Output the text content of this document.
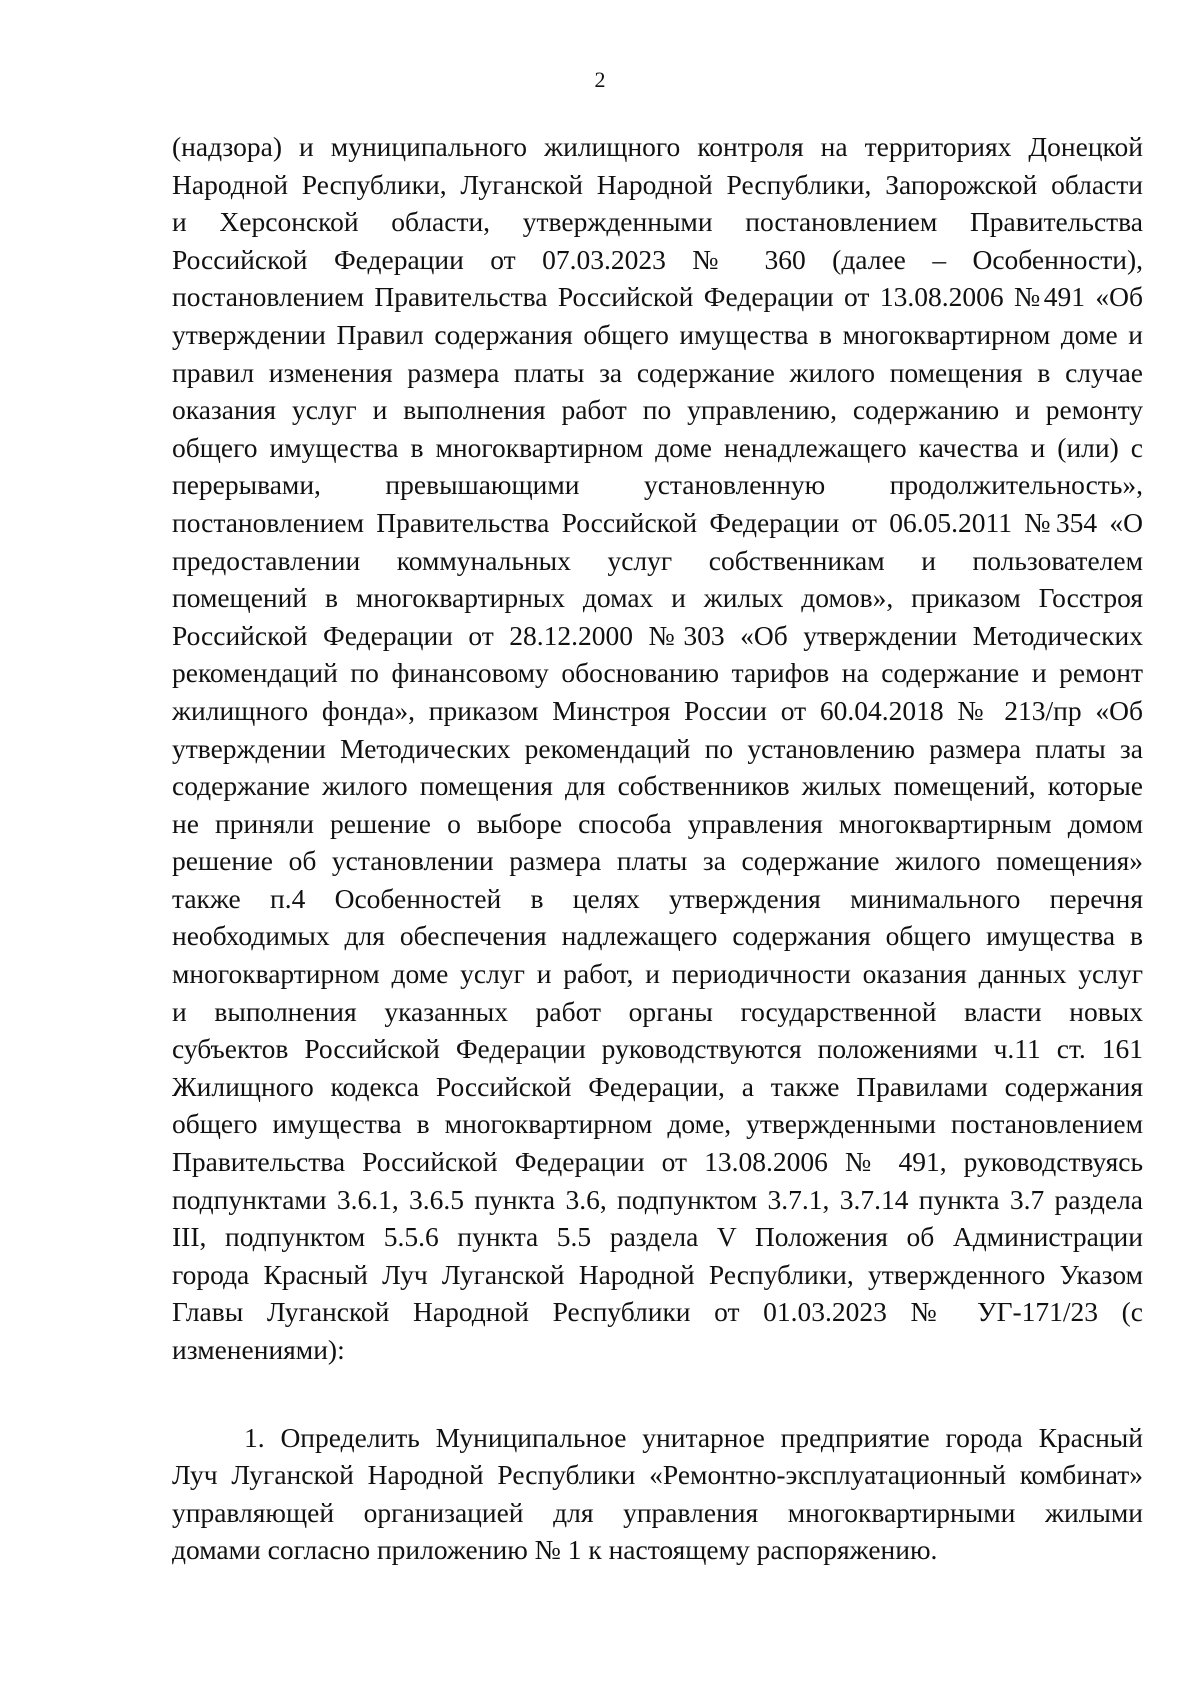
2
(надзора) и муниципального жилищного контроля на территориях Донецкой
Народной Республики, Луганской Народной Республики, Запорожской области
и Херсонской области, утвержденными постановлением Правительства
Российской Федерации от 07.03.2023 № 360 (далее – Особенности),
постановлением Правительства Российской Федерации от 13.08.2006 №491 «Об
утверждении Правил содержания общего имущества в многоквартирном доме и
правил изменения размера платы за содержание жилого помещения в случае
оказания услуг и выполнения работ по управлению, содержанию и ремонту
общего имущества в многоквартирном доме ненадлежащего качества и (или) с
перерывами, превышающими установленную продолжительность»,
постановлением Правительства Российской Федерации от 06.05.2011 №354 «О
предоставлении коммунальных услуг собственникам и пользователем
помещений в многоквартирных домах и жилых домов», приказом Госстроя
Российской Федерации от 28.12.2000 №303 «Об утверждении Методических
рекомендаций по финансовому обоснованию тарифов на содержание и ремонт
жилищного фонда», приказом Минстроя России от 60.04.2018 № 213/пр «Об
утверждении Методических рекомендаций по установлению размера платы за
содержание жилого помещения для собственников жилых помещений, которые
не приняли решение о выборе способа управления многоквартирным домом
решение об установлении размера платы за содержание жилого помещения»
также п.4 Особенностей в целях утверждения минимального перечня
необходимых для обеспечения надлежащего содержания общего имущества в
многоквартирном доме услуг и работ, и периодичности оказания данных услуг
и выполнения указанных работ органы государственной власти новых
субъектов Российской Федерации руководствуются положениями ч.11 ст. 161
Жилищного кодекса Российской Федерации, а также Правилами содержания
общего имущества в многоквартирном доме, утвержденными постановлением
Правительства Российской Федерации от 13.08.2006 № 491, руководствуясь
подпунктами 3.6.1, 3.6.5 пункта 3.6, подпунктом 3.7.1, 3.7.14 пункта 3.7 раздела
III, подпунктом 5.5.6 пункта 5.5 раздела V Положения об Администрации
города Красный Луч Луганской Народной Республики, утвержденного Указом
Главы Луганской Народной Республики от 01.03.2023 № УГ-171/23 (с
изменениями):
1. Определить Муниципальное унитарное предприятие города Красный
Луч Луганской Народной Республики «Ремонтно-эксплуатационный комбинат»
управляющей организацией для управления многоквартирными жилыми
домами согласно приложению № 1 к настоящему распоряжению.
